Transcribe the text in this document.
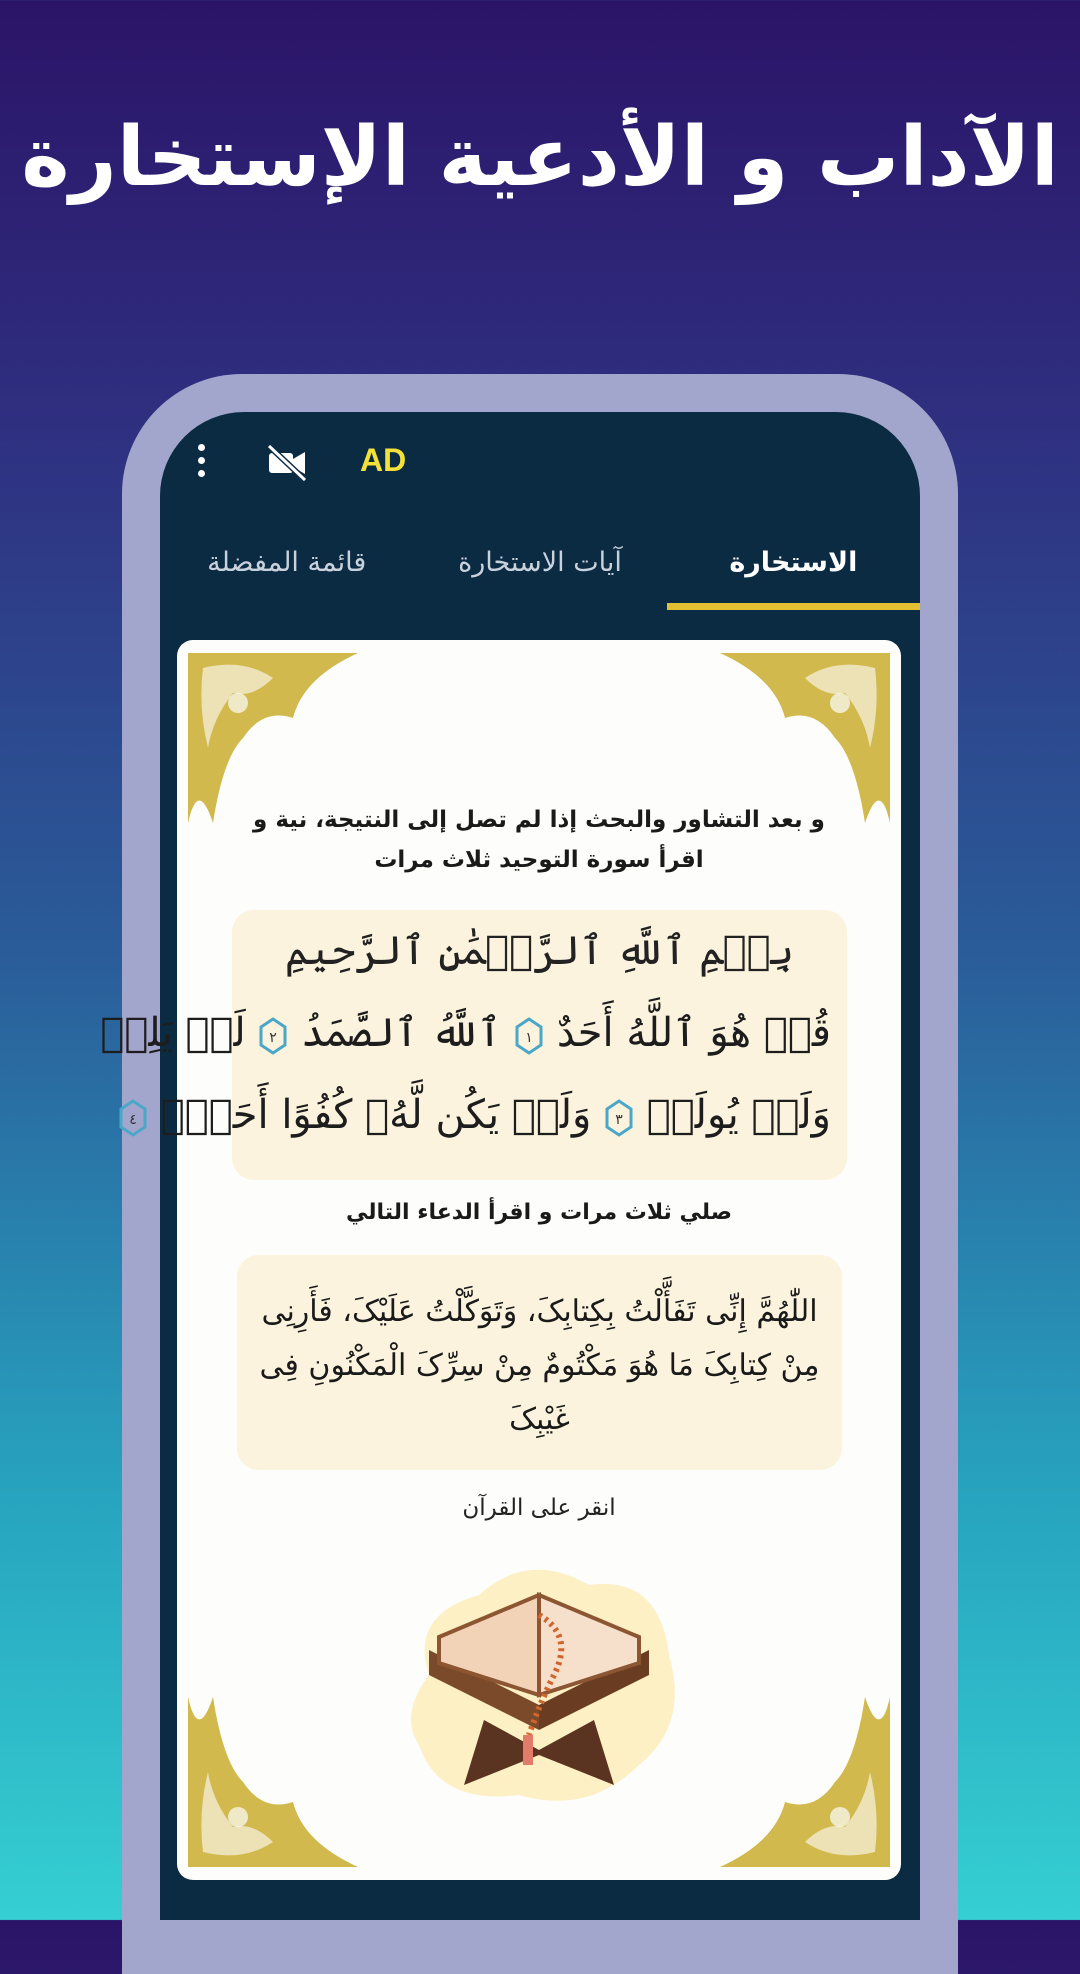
الآداب و الأدعية الإستخارة
AD
الاستخارة
آيات الاستخارة
قائمة المفضلة
و بعد التشاور والبحث إذا لم تصل إلى النتيجة، نية و اقرأ سورة التوحيد ثلاث مرات
بِسۡمِ ٱللَّهِ ٱلرَّحۡمَٰنِ ٱلرَّحِيمِ
قُلۡ هُوَ ٱللَّهُ أَحَدٌ
١
ٱللَّهُ ٱلصَّمَدُ
٢
لَمۡ يَلِدۡ
وَلَمۡ يُولَدۡ
٣
وَلَمۡ يَكُن لَّهُۥ كُفُوًا أَحَدُۢ
٤
صلي ثلاث مرات و اقرأ الدعاء التالي
اللّٰهُمَّ إِنِّی تَفَأَّلْتُ بِكِتابِکَ، وَتَوَکَّلْتُ عَلَیْکَ، فَأَرِنِی مِنْ کِتابِکَ مَا هُوَ مَکْتُومٌ مِنْ سِرِّکَ الْمَکْنُونِ فِی غَیْبِکَ
انقر على القرآن
